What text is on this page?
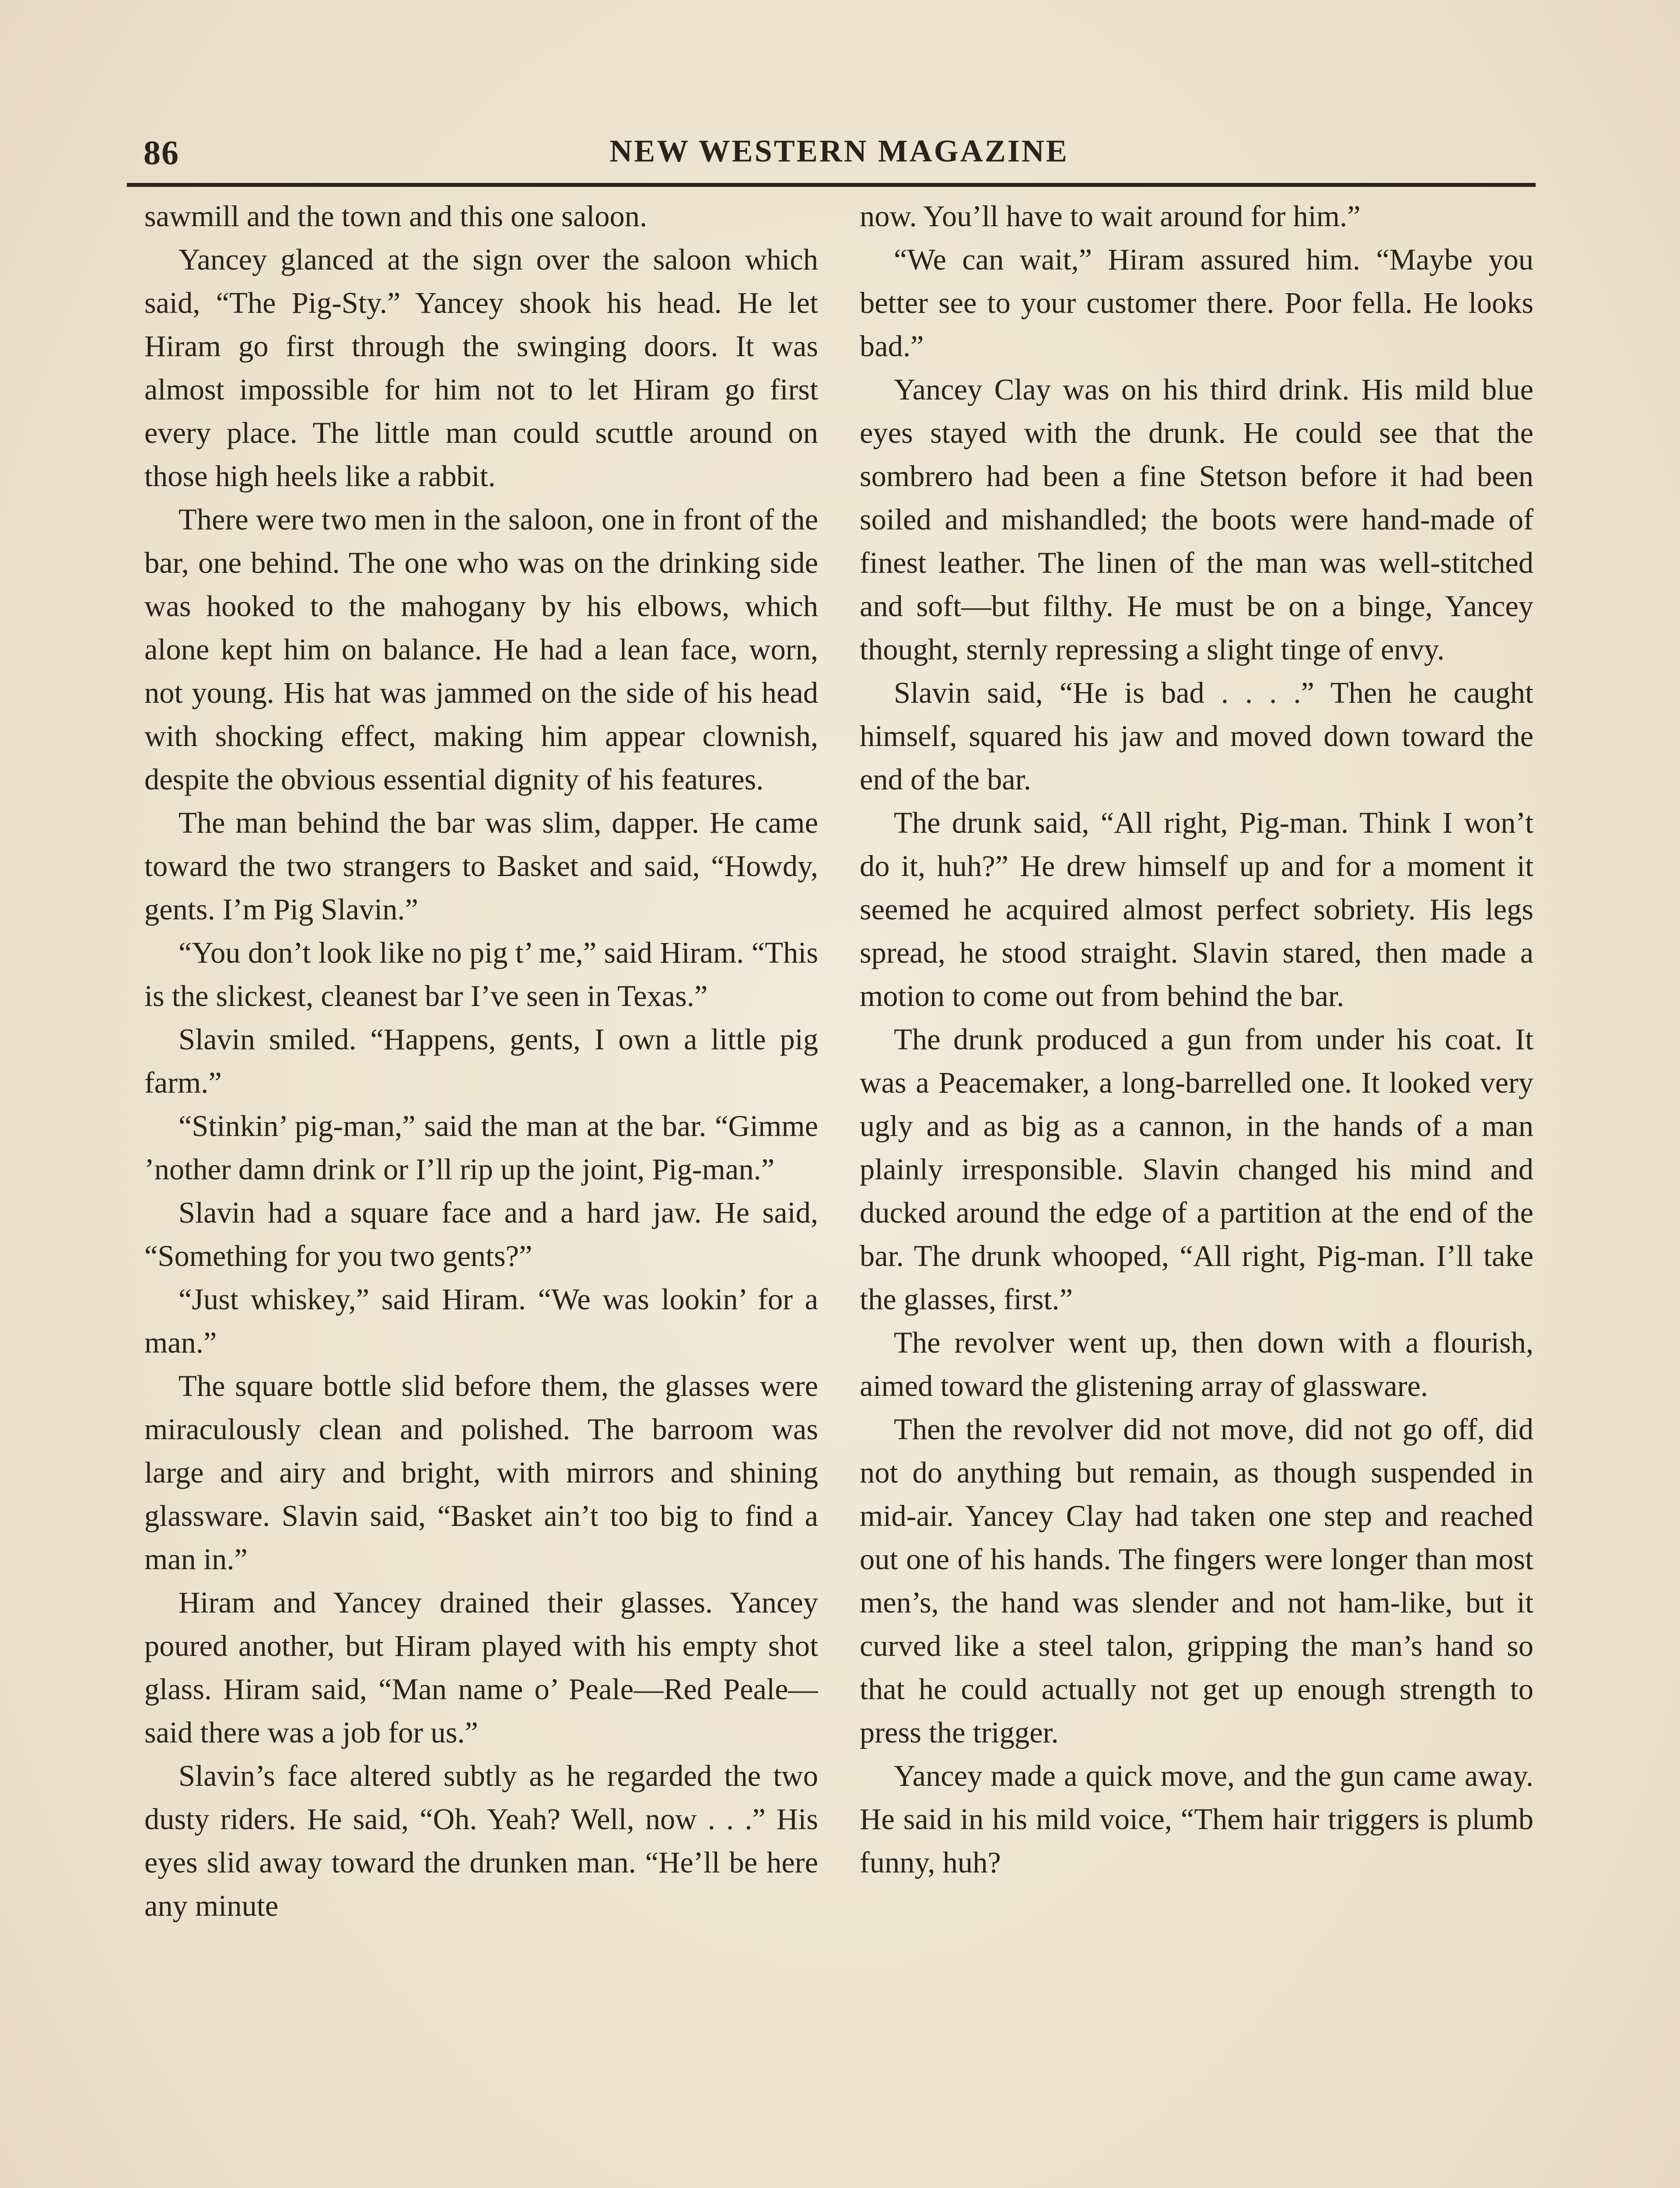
86	NEW WESTERN MAGAZINE

sawmill and the town and this one saloon.

Yancey glanced at the sign over the saloon which said, “The Pig-Sty.” Yancey shook his head. He let Hiram go first through the swinging doors. It was almost impossible for him not to let Hiram go first every place. The little man could scuttle around on those high heels like a rabbit.

There were two men in the saloon, one in front of the bar, one behind. The one who was on the drinking side was hooked to the mahogany by his elbows, which alone kept him on balance. He had a lean face, worn, not young. His hat was jammed on the side of his head with shocking effect, making him appear clownish, despite the obvious essential dignity of his features.

The man behind the bar was slim, dapper. He came toward the two strangers to Basket and said, “Howdy, gents. I’m Pig Slavin.”

“You don’t look like no pig t’ me,” said Hiram. “This is the slickest, cleanest bar I’ve seen in Texas.”

Slavin smiled. “Happens, gents, I own a little pig farm.”

“Stinkin’ pig-man,” said the man at the bar. “Gimme ’nother damn drink or I’ll rip up the joint, Pig-man.”

Slavin had a square face and a hard jaw. He said, “Something for you two gents?”

“Just whiskey,” said Hiram. “We was lookin’ for a man.”

The square bottle slid before them, the glasses were miraculously clean and polished. The barroom was large and airy and bright, with mirrors and shining glassware. Slavin said, “Basket ain’t too big to find a man in.”

Hiram and Yancey drained their glasses. Yancey poured another, but Hiram played with his empty shot glass. Hiram said, “Man name o’ Peale—Red Peale—said there was a job for us.”

Slavin’s face altered subtly as he regarded the two dusty riders. He said, “Oh. Yeah? Well, now . . .” His eyes slid away toward the drunken man. “He’ll be here any minute

now. You’ll have to wait around for him.”

“We can wait,” Hiram assured him. “Maybe you better see to your customer there. Poor fella. He looks bad.”

Yancey Clay was on his third drink. His mild blue eyes stayed with the drunk. He could see that the sombrero had been a fine Stetson before it had been soiled and mishandled; the boots were hand-made of finest leather. The linen of the man was well-stitched and soft—but filthy. He must be on a binge, Yancey thought, sternly repressing a slight tinge of envy.

Slavin said, “He is bad . . . .” Then he caught himself, squared his jaw and moved down toward the end of the bar.

The drunk said, “All right, Pig-man. Think I won’t do it, huh?” He drew himself up and for a moment it seemed he acquired almost perfect sobriety. His legs spread, he stood straight. Slavin stared, then made a motion to come out from behind the bar.

The drunk produced a gun from under his coat. It was a Peacemaker, a long-barrelled one. It looked very ugly and as big as a cannon, in the hands of a man plainly irresponsible. Slavin changed his mind and ducked around the edge of a partition at the end of the bar. The drunk whooped, “All right, Pig-man. I’ll take the glasses, first.”

The revolver went up, then down with a flourish, aimed toward the glistening array of glassware.

Then the revolver did not move, did not go off, did not do anything but remain, as though suspended in mid-air. Yancey Clay had taken one step and reached out one of his hands. The fingers were longer than most men’s, the hand was slender and not ham-like, but it curved like a steel talon, gripping the man’s hand so that he could actually not get up enough strength to press the trigger.

Yancey made a quick move, and the gun came away. He said in his mild voice, “Them hair triggers is plumb funny, huh?
